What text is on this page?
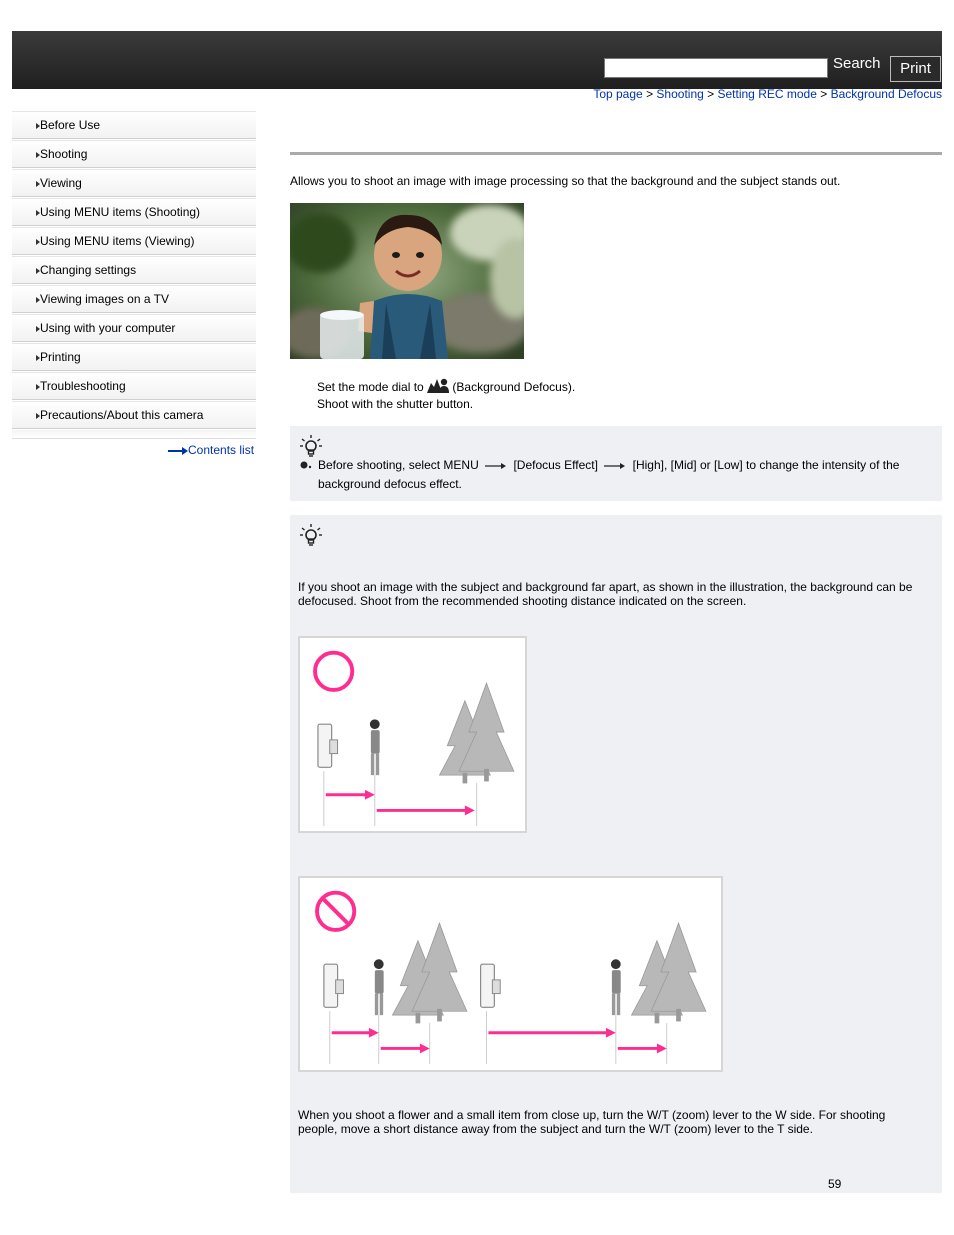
Search	Print
Top page > Shooting > Setting REC mode > Background Defocus
Before Use
Shooting
Viewing
Using MENU items (Shooting)
Using MENU items (Viewing)
Changing settings
Viewing images on a TV
Using with your computer
Printing
Troubleshooting
Precautions/About this camera
Contents list
Allows you to shoot an image with image processing so that the background and the subject stands out.
Set the mode dial to (Background Defocus).
Shoot with the shutter button.
Before shooting, select MENU	[Defocus Effect]	[High], [Mid] or [Low] to change the intensity of the
background defocus effect.
If you shoot an image with the subject and background far apart, as shown in the illustration, the background can be defocused. Shoot from the recommended shooting distance indicated on the screen.
When you shoot a flower and a small item from close up, turn the W/T (zoom) lever to the W side. For shooting people, move a short distance away from the subject and turn the W/T (zoom) lever to the T side.
59
